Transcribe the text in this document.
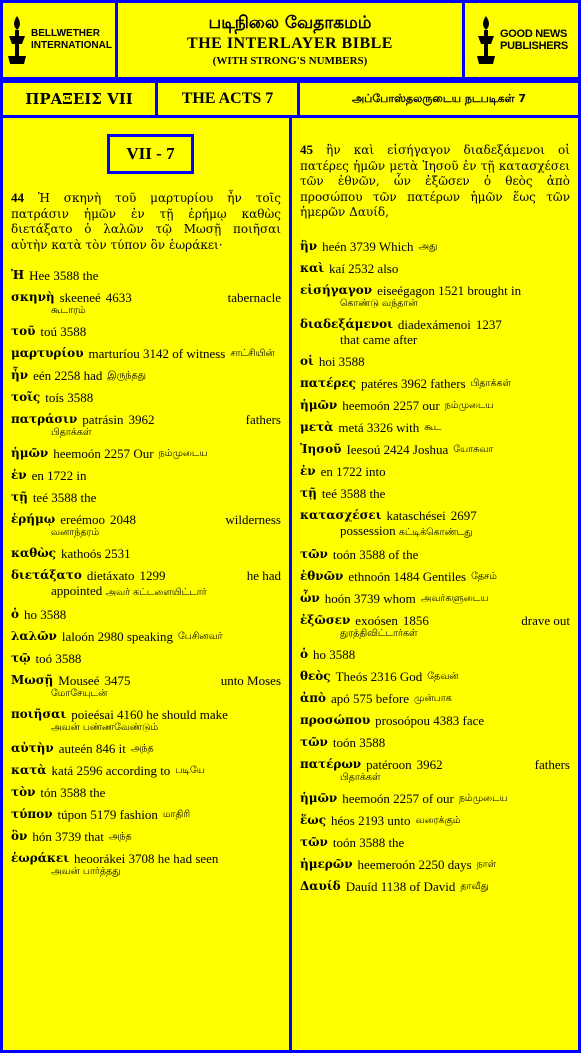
BELLWETHER
INTERNATIONAL
படிநிலை வேதாகமம்
THE INTERLAYER BIBLE
(WITH STRONG'S NUMBERS)
GOOD NEWS
PUBLISHERS
ΠΡΑΞΕΙΣ VII	THE ACTS 7	அப்போஸ்தலருடைய நடபடிகள் 7
VII - 7

44 Ἡ σκηνὴ τοῦ μαρτυρίου ἦν τοῖς πατράσιν ἡμῶν ἐν τῇ ἐρήμῳ καθὼς διετάξατο ὁ λαλῶν τῷ Μωσῇ ποιῆσαι αὐτὴν κατὰ τὸν τύπον ὃν ἑωράκει·

Ἡ Hee 3588 the
σκηνὴ skeeneé 4633	tabernacle
கூடாரம்
τοῦ toú 3588
μαρτυρίου marturíou 3142 of witness சாட்சியின்
ἦν eén 2258 had இருந்தது
τοῖς toís 3588
πατράσιν patrásin 3962	fathers
பிதாக்கள்
ἡμῶν heemoón 2257 Our நம்முடைய
ἐν en 1722 in
τῇ teé 3588 the
ἐρήμῳ ereémoo 2048	wilderness
வனாந்தரம்
καθὼς kathoós 2531
διετάξατο dietáxato 1299	he had
appointed அவர் கட்டளையிட்டார்
ὁ ho 3588
λαλῶν laloón 2980 speaking பேசினவர்
τῷ toó 3588
Μωσῇ Mouseé 3475	unto Moses
மோசேயுடன்
ποιῆσαι poieésai 4160 he should make
அவன் பண்ணவேண்டும்
αὐτὴν auteén 846 it அந்த
κατὰ katá 2596 according to படியே
τὸν tón 3588 the
τύπον túpon 5179 fashion மாதிரி
ὃν hón 3739 that அந்த
ἑωράκει heoorákei 3708 he had seen
அவன் பார்த்தது

45 ἣν καὶ εἰσήγαγον διαδεξάμενοι οἱ πατέρες ἡμῶν μετὰ Ἰησοῦ ἐν τῇ κατασχέσει τῶν ἐθνῶν, ὧν ἐξῶσεν ὁ θεὸς ἀπὸ προσώπου τῶν πατέρων ἡμῶν ἕως τῶν ἡμερῶν Δαυίδ,

ἣν heén 3739 Which அது
καὶ kaí 2532 also
εἰσήγαγον eiseégagon 1521 brought in
கொண்டு வந்தான்
διαδεξάμενοι diadexámenoi 1237
that came after
οἱ hoi 3588
πατέρες patéres 3962 fathers பிதாக்கள்
ἡμῶν heemoón 2257 our நம்முடைய
μετὰ metá 3326 with கூட
Ἰησοῦ Ieesoú 2424 Joshua யோசுவா
ἐν en 1722 into
τῇ teé 3588 the
κατασχέσει kataschései 2697
possession கட்டிக்கொண்டது
τῶν toón 3588 of the
ἐθνῶν ethnoón 1484 Gentiles தேசம்
ὧν hoón 3739 whom அவர்களுடைய
ἐξῶσεν exoósen 1856	drave out
துரத்திவிட்டார்கள்
ὁ ho 3588
θεὸς Theós 2316 God தேவன்
ἀπὸ apó 575 before முன்பாக
προσώπου prosoópou 4383 face
τῶν toón 3588
πατέρων patéroon 3962	fathers
பிதாக்கள்
ἡμῶν heemoón 2257 of our நம்முடைய
ἕως héos 2193 unto வரைக்கும்
τῶν toón 3588 the
ἡμερῶν heemeroón 2250 days நாள்
Δαυίδ Dauíd 1138 of David தாவீது
